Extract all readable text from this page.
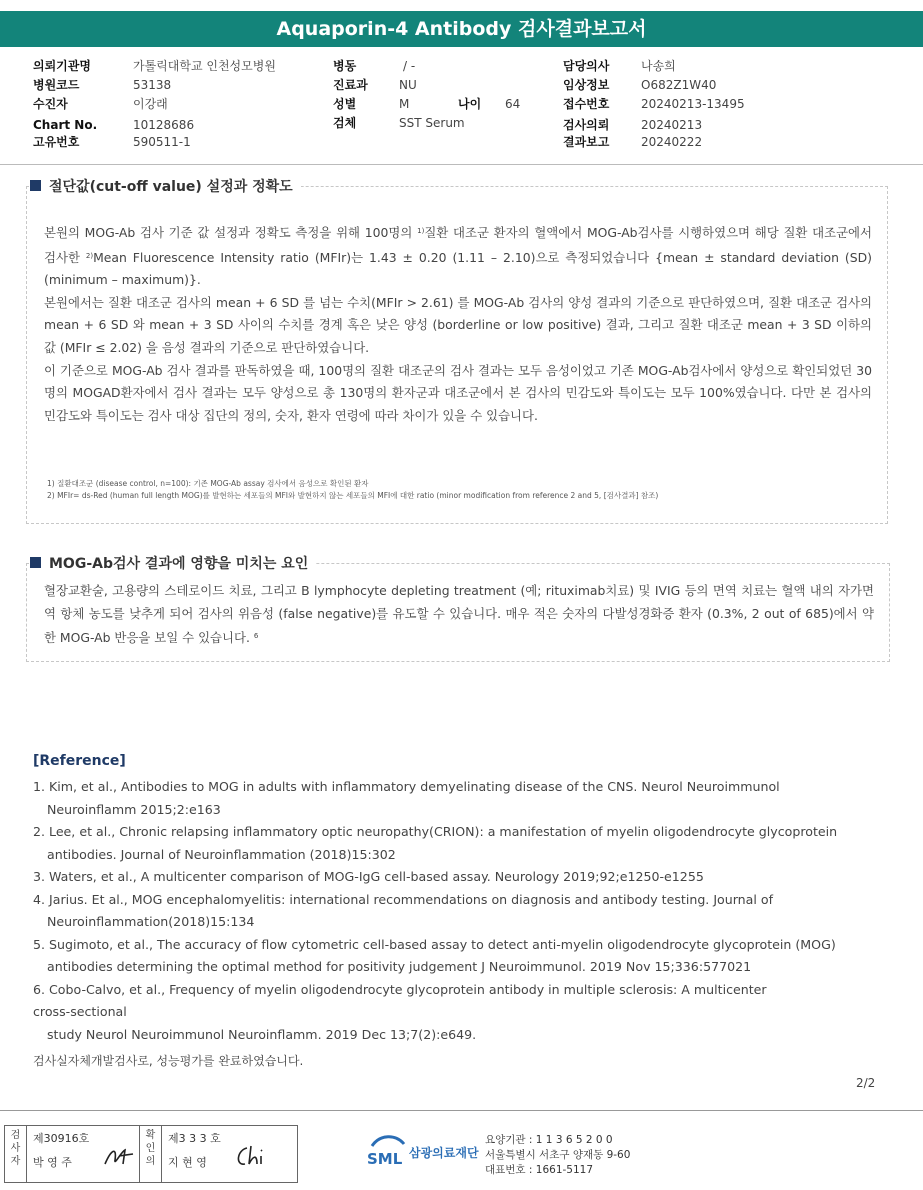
Aquaporin-4 Antibody 검사결과보고서
의뢰기관명	가톨릭대학교 인천성모병원
병원코드	53138
수진자	이강래
Chart No.	10128686
고유번호	590511-1
병동	/ -
진료과	NU
성별	M	나이 64
검체	SST Serum
담당의사	나송희
임상정보	O682Z1W40
접수번호	20240213-13495
검사의뢰	20240213
결과보고	20240222
절단값(cut-off value) 설정과 정확도

본원의 MOG-Ab 검사 기준 값 설정과 정확도 측정을 위해 100명의 $^{1)}$질환 대조군 환자의 혈액에서 MOG-Ab검사를 시행하였으며 해당 질환 대조군에서 검사한 $^{2)}$Mean Fluorescence Intensity ratio (MFIr)는 1.43 ± 0.20 (1.11 – 2.10)으로 측정되었습니다 {mean ± standard deviation (SD) (minimum – maximum)}.

본원에서는 질환 대조군 검사의 mean + 6 SD 를 넘는 수치(MFIr > 2.61) 를 MOG-Ab 검사의 양성 결과의 기준으로 판단하였으며, 질환 대조군 검사의 mean + 6 SD 와 mean + 3 SD 사이의 수치를 경계 혹은 낮은 양성 (borderline or low positive) 결과, 그리고 질환 대조군 mean + 3 SD 이하의 값 (MFIr ≤ 2.02) 을 음성 결과의 기준으로 판단하였습니다.

이 기준으로 MOG-Ab 검사 결과를 판독하였을 때, 100명의 질환 대조군의 검사 결과는 모두 음성이었고 기존 MOG-Ab검사에서 양성으로 확인되었던 30명의 MOGAD환자에서 검사 결과는 모두 양성으로 총 130명의 환자군과 대조군에서 본 검사의 민감도와 특이도는 모두 100%였습니다. 다만 본 검사의 민감도와 특이도는 검사 대상 집단의 정의, 숫자, 환자 연령에 따라 차이가 있을 수 있습니다.

1) 질환대조군 (disease control, n=100): 기존 MOG-Ab assay 검사에서 음성으로 확인된 환자
2) MFIr= ds-Red (human full length MOG)를 발현하는 세포들의 MFI와 발현하지 않는 세포들의 MFI에 대한 ratio (minor modification from reference 2 and 5, [검사결과] 참조)
MOG-Ab검사 결과에 영향을 미치는 요인

혈장교환술, 고용량의 스테로이드 치료, 그리고 B lymphocyte depleting treatment (예; rituximab치료) 및 IVIG 등의 면역 치료는 혈액 내의 자가면역 항체 농도를 낮추게 되어 검사의 위음성 (false negative)를 유도할 수 있습니다. 매우 적은 숫자의 다발성경화증 환자 (0.3%, 2 out of 685)에서 약한 MOG-Ab 반응을 보일 수 있습니다. $^6$

[Reference]
1. Kim, et al., Antibodies to MOG in adults with inflammatory demyelinating disease of the CNS. Neurol Neuroimmunol
Neuroinflamm 2015;2:e163
2. Lee, et al., Chronic relapsing inflammatory optic neuropathy(CRION): a manifestation of myelin oligodendrocyte glycoprotein
antibodies. Journal of Neuroinflammation (2018)15:302
3. Waters, et al., A multicenter comparison of MOG-IgG cell-based assay. Neurology 2019;92;e1250-e1255
4. Jarius. Et al., MOG encephalomyelitis: international recommendations on diagnosis and antibody testing. Journal of
Neuroinflammation(2018)15:134
5. Sugimoto, et al., The accuracy of flow cytometric cell-based assay to detect anti-myelin oligodendrocyte glycoprotein (MOG)
antibodies determining the optimal method for positivity judgement J Neuroimmunol. 2019 Nov 15;336:577021
6. Cobo-Calvo, et al., Frequency of myelin oligodendrocyte glycoprotein antibody in multiple sclerosis: A multicenter
cross-sectional
study Neurol Neuroimmunol Neuroinflamm. 2019 Dec 13;7(2):e649.
검사실자체개발검사로, 성능평가를 완료하였습니다.
2/2
검사자
제30916호
박 영 주
확인의
제3 3 3 호
지 현 영	SML 삼광의료재단
요양기관 : 1 1 3 6 5 2 0 0
서울특별시 서초구 양재동 9-60
대표번호 : 1661-5117
